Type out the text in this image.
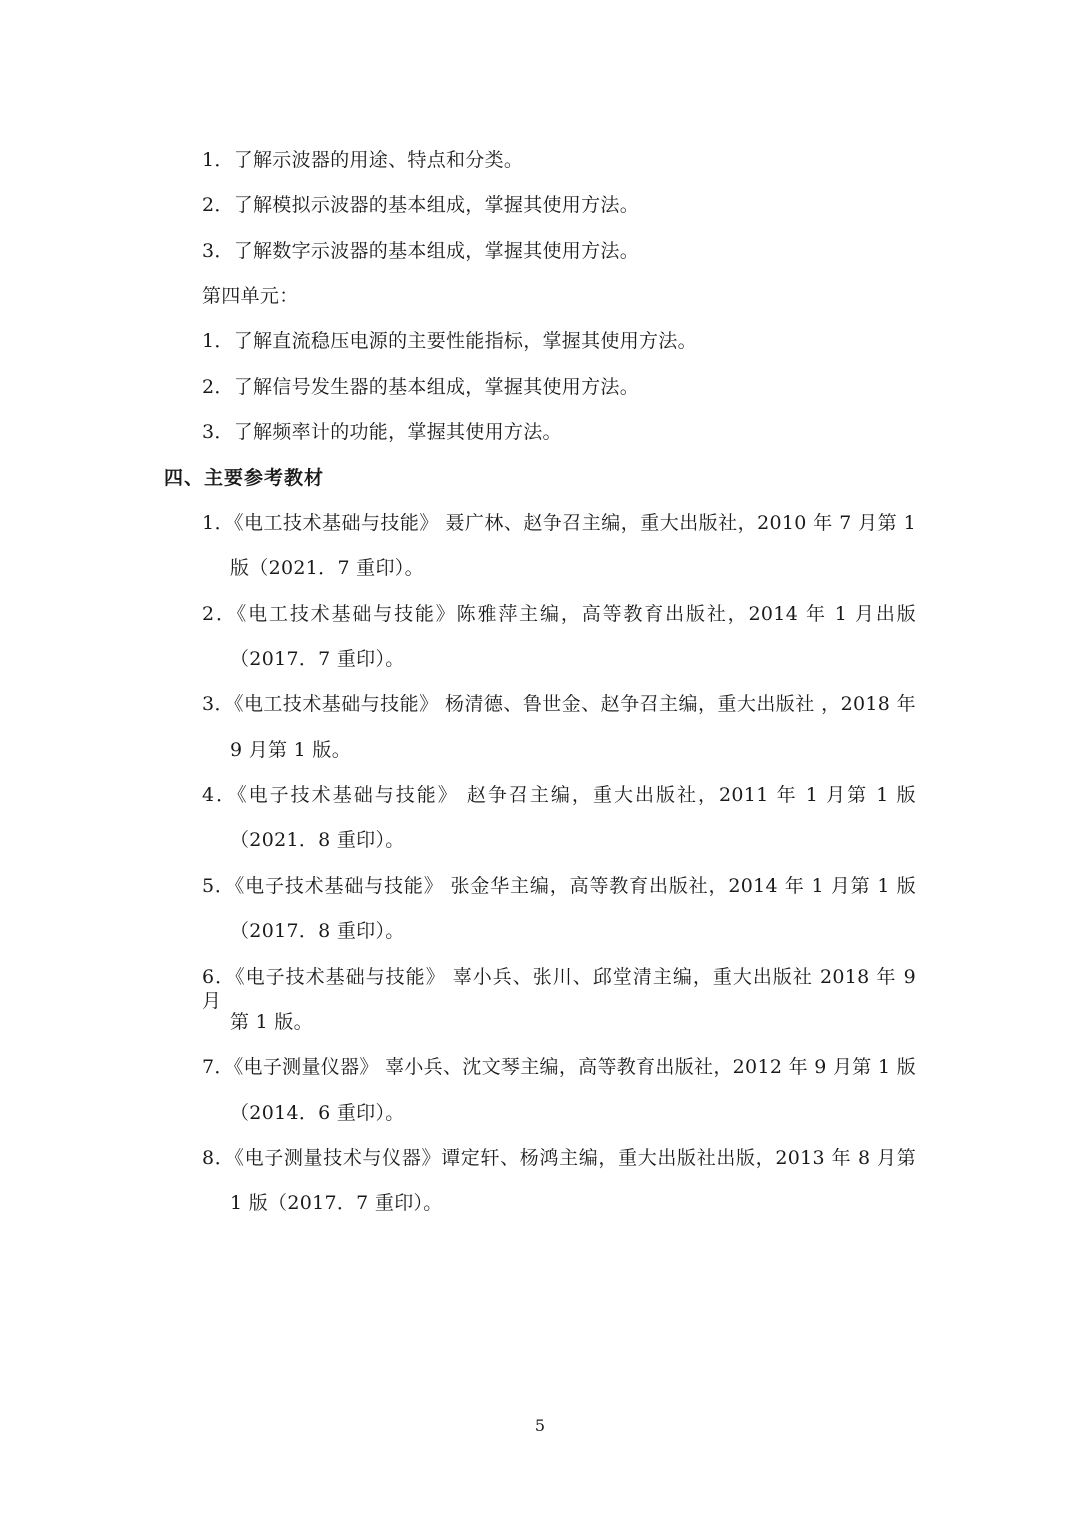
1．了解示波器的用途、特点和分类。
2．了解模拟示波器的基本组成，掌握其使用方法。
3．了解数字示波器的基本组成，掌握其使用方法。
第四单元：
1．了解直流稳压电源的主要性能指标，掌握其使用方法。
2．了解信号发生器的基本组成，掌握其使用方法。
3．了解频率计的功能，掌握其使用方法。
四、主要参考教材
1．《电工技术基础与技能》 聂广林、赵争召主编，重大出版社，2010 年 7 月第 1
版（2021．7 重印）。
2．《电工技术基础与技能》陈雅萍主编，高等教育出版社，2014 年 1 月出版
（2017．7 重印）。
3．《电工技术基础与技能》 杨清德、鲁世金、赵争召主编，重大出版社 ，2018 年
9 月第 1 版。
4．《电子技术基础与技能》 赵争召主编，重大出版社，2011 年 1 月第 1 版
（2021．8 重印）。
5．《电子技术基础与技能》 张金华主编，高等教育出版社，2014 年 1 月第 1 版
（2017．8 重印）。
6．《电子技术基础与技能》 辜小兵、张川、邱堂清主编，重大出版社 2018 年 9 月
第 1 版。
7．《电子测量仪器》 辜小兵、沈文琴主编，高等教育出版社，2012 年 9 月第 1 版
（2014．6 重印）。
8．《电子测量技术与仪器》谭定轩、杨鸿主编，重大出版社出版，2013 年 8 月第
1 版（2017．7 重印）。
5
